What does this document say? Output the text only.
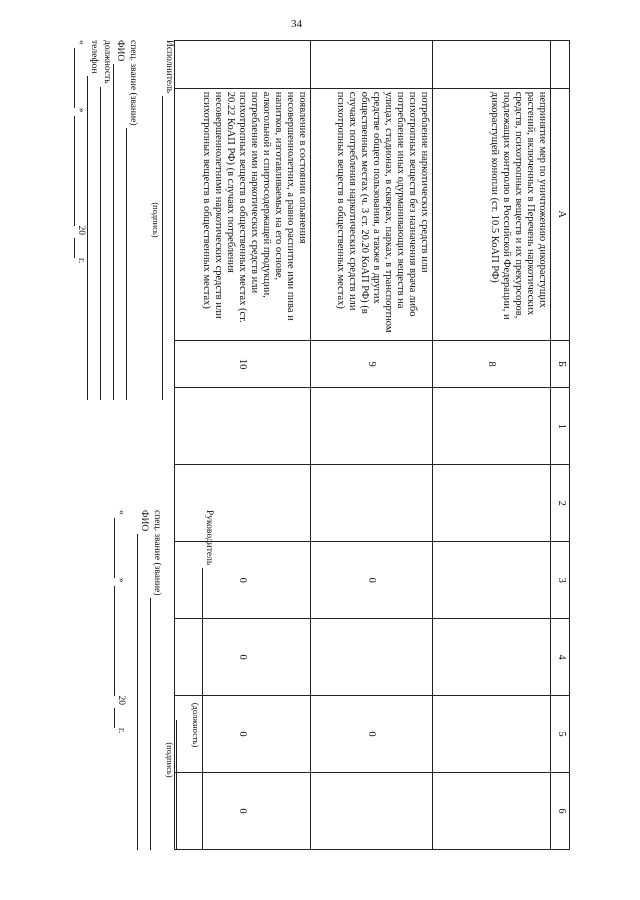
34
	А	Б	1	2	3	4	5	6
	непринятие мер по уничтожению дикорастущих растений, включенных в Перечень наркотических средств, психотропных веществ и их прекурсоров, подлежащих контролю в Российской Федерации, и дикорастущей конопли (ст. 10.5 КоАП РФ)	8						
	потребление наркотических средств или психотропных веществ без назначения врача либо потребление иных одурманивающих веществ на улицах, стадионах, в скверах, парках, в транспортном средстве общего пользования, а также в других общественных местах (ч. 3 ст. 20.20 КоАП РФ) (в случаях потребления наркотических средств или психотропных веществ в общественных местах)	9			0		0	
	появление в состоянии опьянения несовершеннолетних, а равно распитие ими пива и напитков, изготавливаемых на его основе, алкогольной и спиртосодержащей продукции, потребление ими наркотических средств или психотропных веществ в общественных местах (ст. 20.22 КоАП РФ) (в случаях потребления несовершеннолетними наркотических средств или психотропных веществ в общественных местах)	10			0	0	0	0
Исполнитель
(подпись)
спец. звание (звание)
ФИО
должность
телефон
«
»
20
г.
Руководитель
(должность)
(подпись)
спец. звание (звание)
ФИО
«
»
20
г.
